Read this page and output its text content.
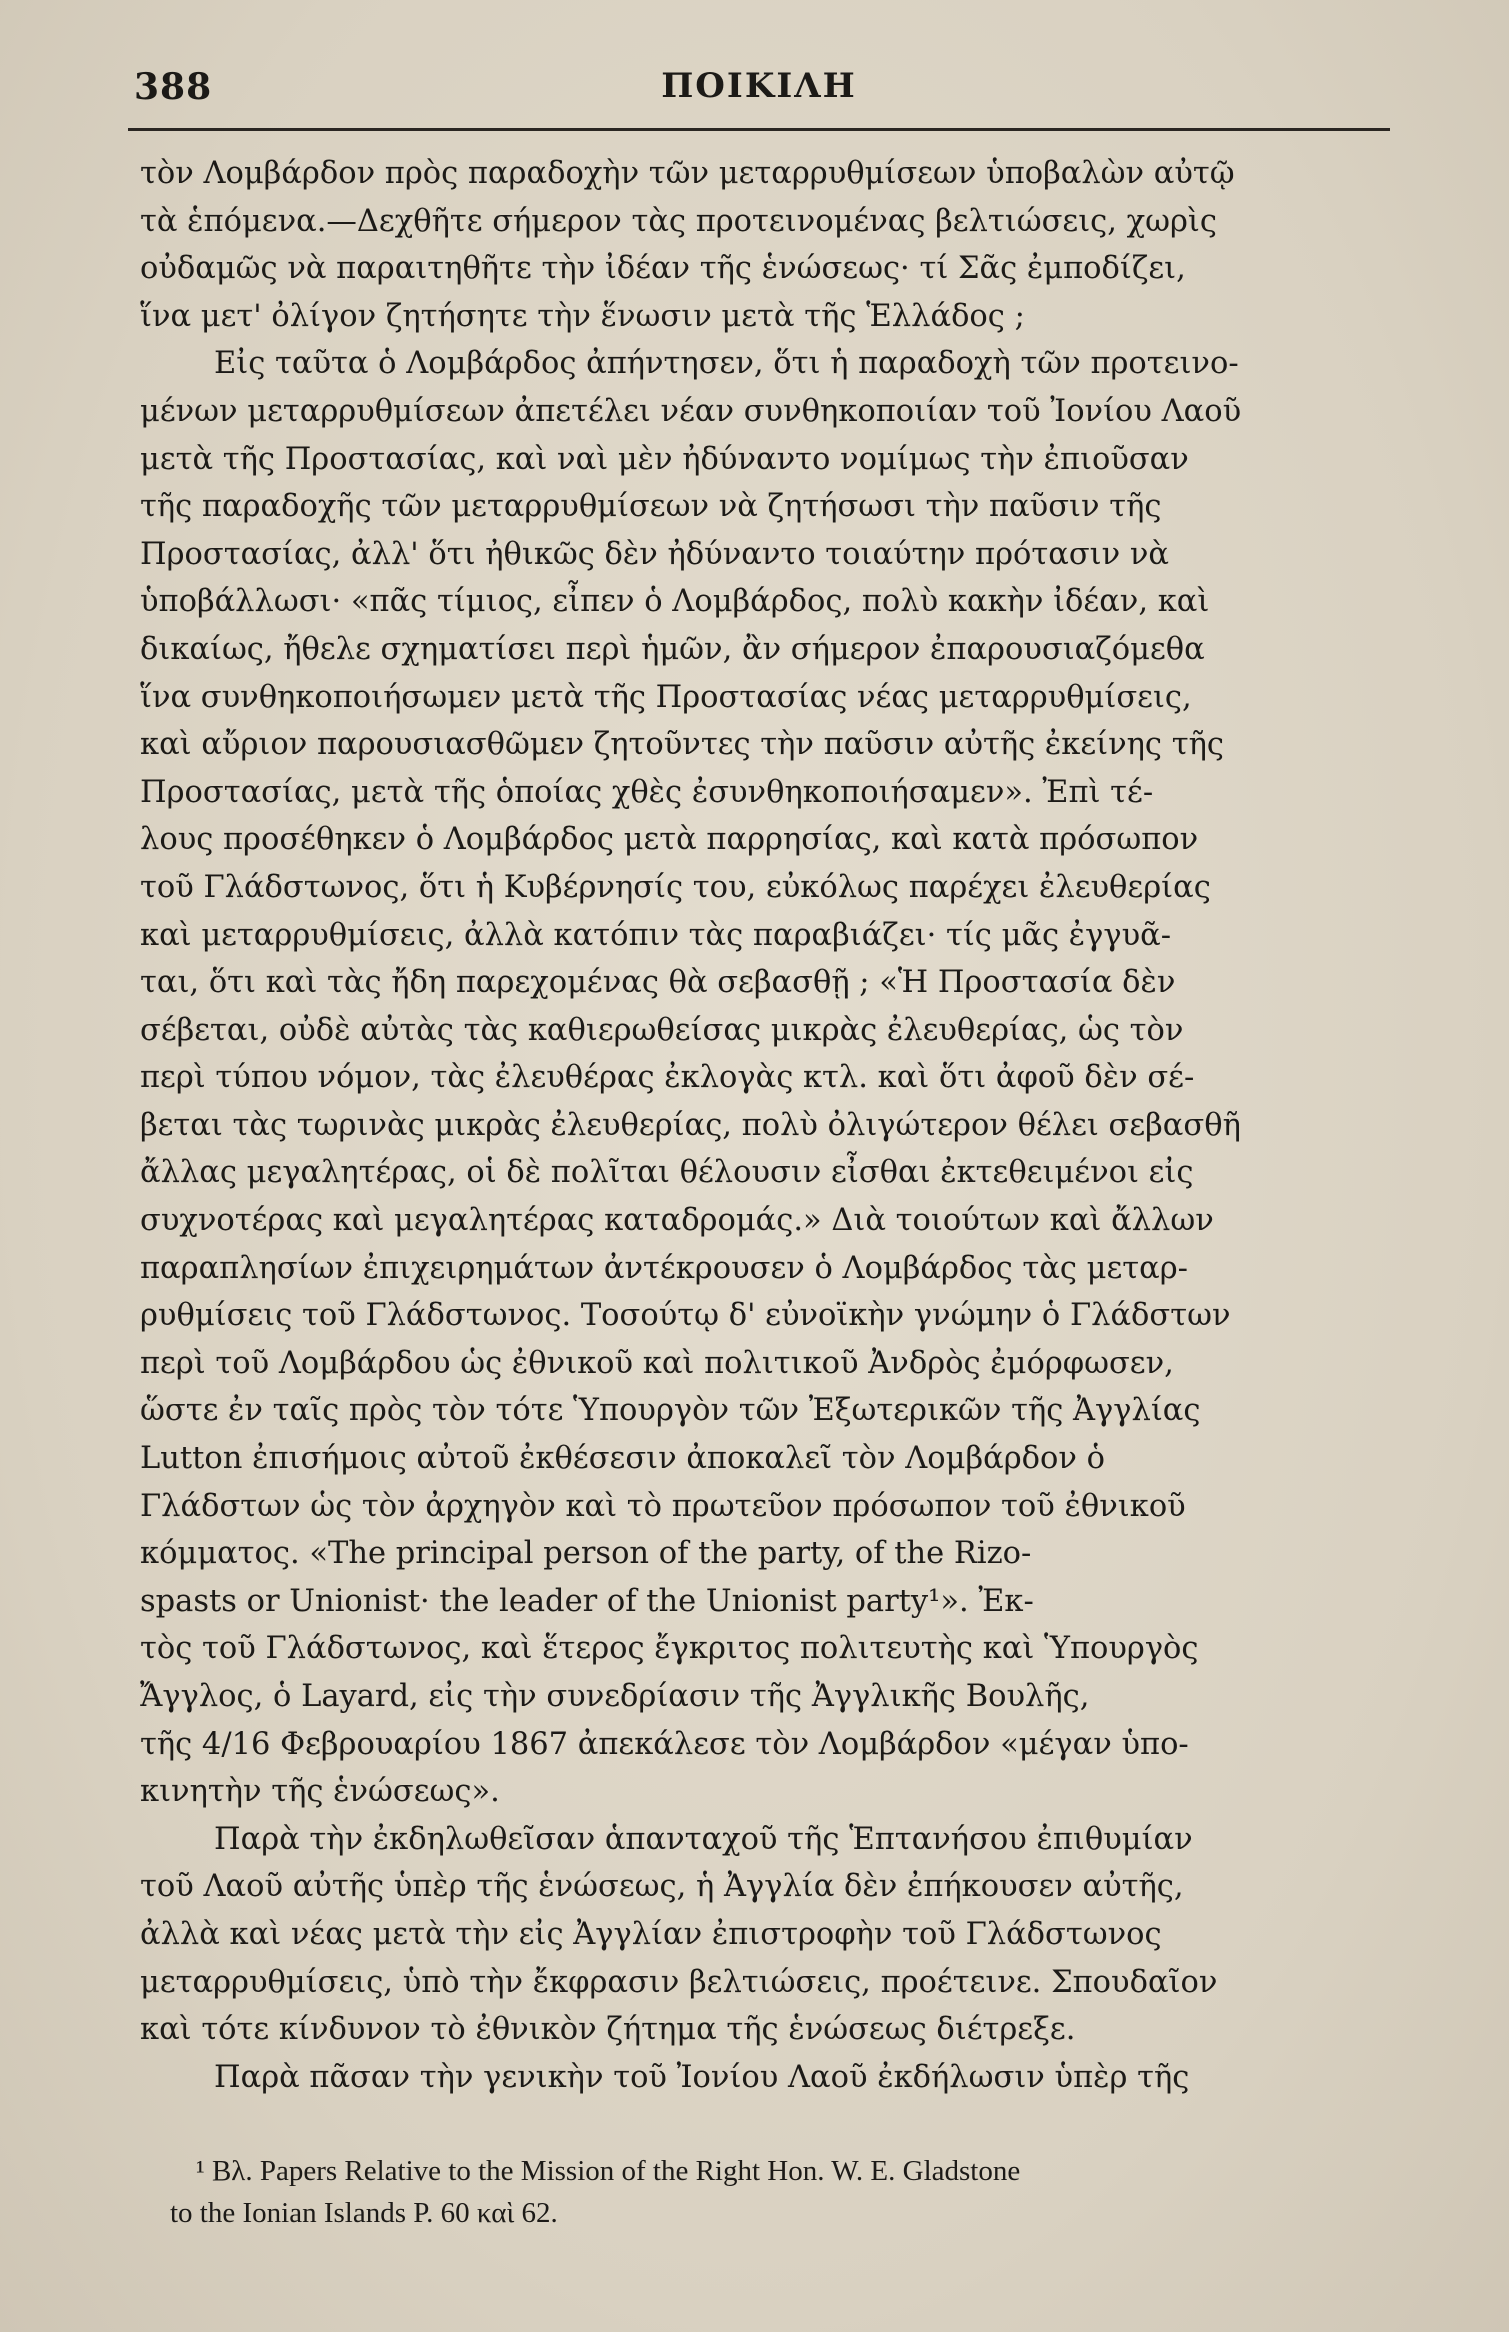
388	ΠΟΙΚΙΛΗ
τὸν Λομβάρδον πρὸς παραδοχὴν τῶν μεταρρυθμίσεων ὑποβαλὼν αὐτῷ
τὰ ἑπόμενα.—Δεχθῆτε σήμερον τὰς προτεινομένας βελτιώσεις, χωρὶς
οὐδαμῶς νὰ παραιτηθῆτε τὴν ἰδέαν τῆς ἑνώσεως· τί Σᾶς ἐμποδίζει,
ἵνα μετ' ὀλίγον ζητήσητε τὴν ἕνωσιν μετὰ τῆς Ἑλλάδος ;
Εἰς ταῦτα ὁ Λομβάρδος ἀπήντησεν, ὅτι ἡ παραδοχὴ τῶν προτεινο-
μένων μεταρρυθμίσεων ἀπετέλει νέαν συνθηκοποιίαν τοῦ Ἰονίου Λαοῦ
μετὰ τῆς Προστασίας, καὶ ναὶ μὲν ἠδύναντο νομίμως τὴν ἐπιοῦσαν
τῆς παραδοχῆς τῶν μεταρρυθμίσεων νὰ ζητήσωσι τὴν παῦσιν τῆς
Προστασίας, ἀλλ' ὅτι ἠθικῶς δὲν ἠδύναντο τοιαύτην πρότασιν νὰ
ὑποβάλλωσι· «πᾶς τίμιος, εἶπεν ὁ Λομβάρδος, πολὺ κακὴν ἰδέαν, καὶ
δικαίως, ἤθελε σχηματίσει περὶ ἡμῶν, ἂν σήμερον ἐπαρουσιαζόμεθα
ἵνα συνθηκοποιήσωμεν μετὰ τῆς Προστασίας νέας μεταρρυθμίσεις,
καὶ αὔριον παρουσιασθῶμεν ζητοῦντες τὴν παῦσιν αὐτῆς ἐκείνης τῆς
Προστασίας, μετὰ τῆς ὁποίας χθὲς ἐσυνθηκοποιήσαμεν». Ἐπὶ τέ-
λους προσέθηκεν ὁ Λομβάρδος μετὰ παρρησίας, καὶ κατὰ πρόσωπον
τοῦ Γλάδστωνος, ὅτι ἡ Κυβέρνησίς του, εὐκόλως παρέχει ἐλευθερίας
καὶ μεταρρυθμίσεις, ἀλλὰ κατόπιν τὰς παραβιάζει· τίς μᾶς ἐγγυᾶ-
ται, ὅτι καὶ τὰς ἤδη παρεχομένας θὰ σεβασθῇ ; «Ἡ Προστασία δὲν
σέβεται, οὐδὲ αὐτὰς τὰς καθιερωθείσας μικρὰς ἐλευθερίας, ὡς τὸν
περὶ τύπου νόμον, τὰς ἐλευθέρας ἐκλογὰς κτλ. καὶ ὅτι ἀφοῦ δὲν σέ-
βεται τὰς τωρινὰς μικρὰς ἐλευθερίας, πολὺ ὀλιγώτερον θέλει σεβασθῆ
ἄλλας μεγαλητέρας, οἱ δὲ πολῖται θέλουσιν εἶσθαι ἐκτεθειμένοι εἰς
συχνοτέρας καὶ μεγαλητέρας καταδρομάς.» Διὰ τοιούτων καὶ ἄλλων
παραπλησίων ἐπιχειρημάτων ἀντέκρουσεν ὁ Λομβάρδος τὰς μεταρ-
ρυθμίσεις τοῦ Γλάδστωνος. Τοσούτῳ δ' εὐνοϊκὴν γνώμην ὁ Γλάδστων
περὶ τοῦ Λομβάρδου ὡς ἐθνικοῦ καὶ πολιτικοῦ Ἀνδρὸς ἐμόρφωσεν,
ὥστε ἐν ταῖς πρὸς τὸν τότε Ὑπουργὸν τῶν Ἐξωτερικῶν τῆς Ἀγγλίας
Lutton ἐπισήμοις αὐτοῦ ἐκθέσεσιν ἀποκαλεῖ τὸν Λομβάρδον ὁ
Γλάδστων ὡς τὸν ἀρχηγὸν καὶ τὸ πρωτεῦον πρόσωπον τοῦ ἐθνικοῦ
κόμματος. «The principal person of the party, of the Rizo-
spasts or Unionist· the leader of the Unionist party¹». Ἐκ-
τὸς τοῦ Γλάδστωνος, καὶ ἕτερος ἔγκριτος πολιτευτὴς καὶ Ὑπουργὸς
Ἄγγλος, ὁ Layard, εἰς τὴν συνεδρίασιν τῆς Ἀγγλικῆς Βουλῆς,
τῆς 4/16 Φεβρουαρίου 1867 ἀπεκάλεσε τὸν Λομβάρδον «μέγαν ὑπο-
κινητὴν τῆς ἑνώσεως».
Παρὰ τὴν ἐκδηλωθεῖσαν ἁπανταχοῦ τῆς Ἑπτανήσου ἐπιθυμίαν
τοῦ Λαοῦ αὐτῆς ὑπὲρ τῆς ἑνώσεως, ἡ Ἀγγλία δὲν ἐπήκουσεν αὐτῆς,
ἀλλὰ καὶ νέας μετὰ τὴν εἰς Ἀγγλίαν ἐπιστροφὴν τοῦ Γλάδστωνος
μεταρρυθμίσεις, ὑπὸ τὴν ἔκφρασιν βελτιώσεις, προέτεινε. Σπουδαῖον
καὶ τότε κίνδυνον τὸ ἐθνικὸν ζήτημα τῆς ἑνώσεως διέτρεξε.
Παρὰ πᾶσαν τὴν γενικὴν τοῦ Ἰονίου Λαοῦ ἐκδήλωσιν ὑπὲρ τῆς
¹ Βλ. Papers Relative to the Mission of the Right Hon. W. E. Gladstone
to the Ionian Islands P. 60 καὶ 62.
